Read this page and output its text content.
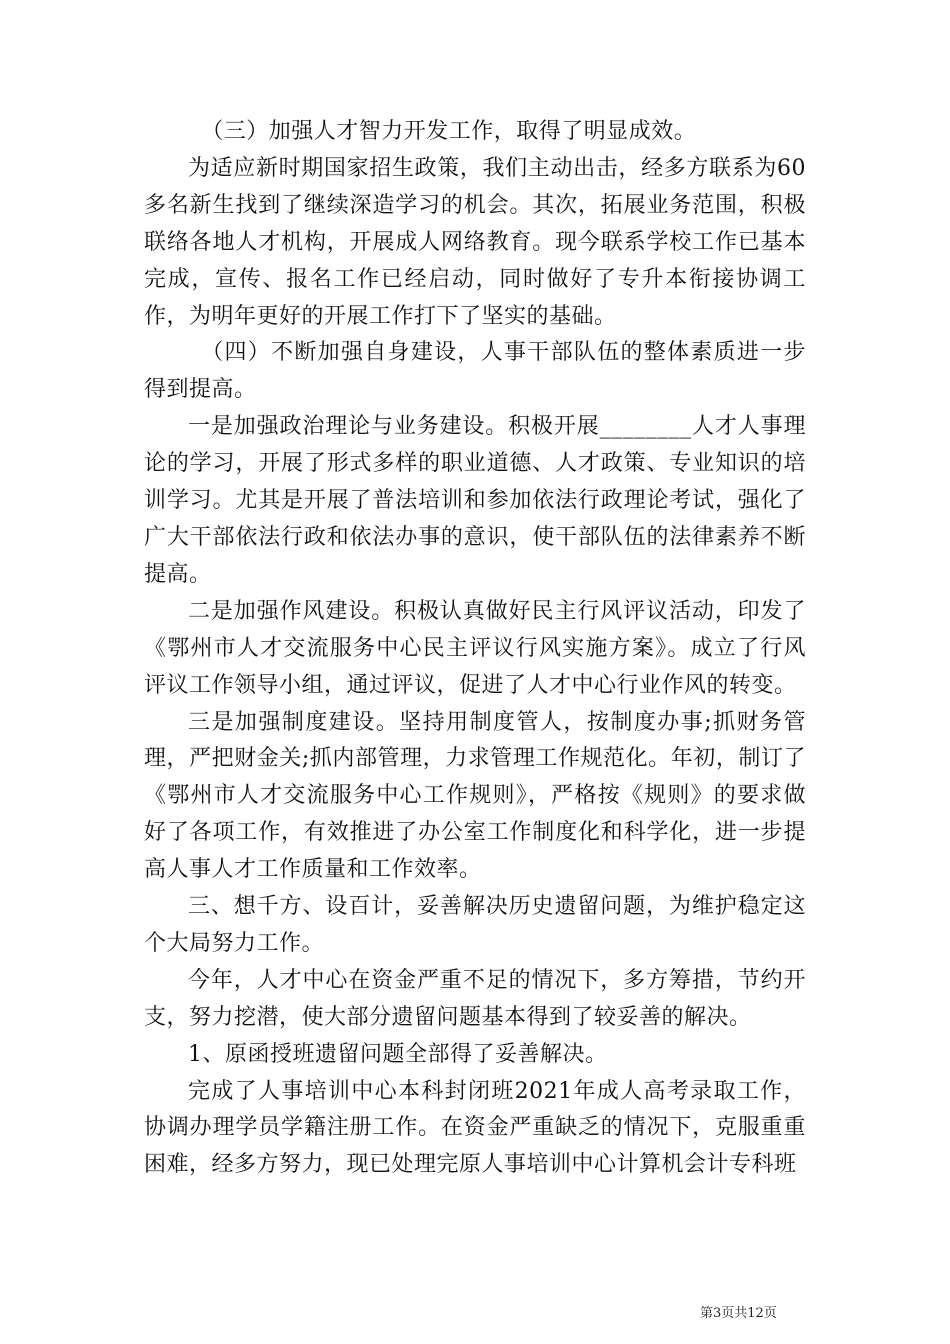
（三）加强人才智力开发工作，取得了明显成效。

为适应新时期国家招生政策，我们主动出击，经多方联系为60多名新生找到了继续深造学习的机会。其次，拓展业务范围，积极联络各地人才机构，开展成人网络教育。现今联系学校工作已基本完成，宣传、报名工作已经启动，同时做好了专升本衔接协调工作，为明年更好的开展工作打下了坚实的基础。

（四）不断加强自身建设，人事干部队伍的整体素质进一步得到提高。

一是加强政治理论与业务建设。积极开展________人才人事理论的学习，开展了形式多样的职业道德、人才政策、专业知识的培训学习。尤其是开展了普法培训和参加依法行政理论考试，强化了广大干部依法行政和依法办事的意识，使干部队伍的法律素养不断提高。

二是加强作风建设。积极认真做好民主行风评议活动，印发了《鄂州市人才交流服务中心民主评议行风实施方案》。成立了行风评议工作领导小组，通过评议，促进了人才中心行业作风的转变。

三是加强制度建设。坚持用制度管人，按制度办事;抓财务管理，严把财金关;抓内部管理，力求管理工作规范化。年初，制订了《鄂州市人才交流服务中心工作规则》，严格按《规则》的要求做好了各项工作，有效推进了办公室工作制度化和科学化，进一步提高人事人才工作质量和工作效率。

三、想千方、设百计，妥善解决历史遗留问题，为维护稳定这个大局努力工作。

今年，人才中心在资金严重不足的情况下，多方筹措，节约开支，努力挖潜，使大部分遗留问题基本得到了较妥善的解决。

1、原函授班遗留问题全部得了妥善解决。

完成了人事培训中心本科封闭班2021年成人高考录取工作，协调办理学员学籍注册工作。在资金严重缺乏的情况下，克服重重困难，经多方努力，现已处理完原人事培训中心计算机会计专科班

第3页共12页
